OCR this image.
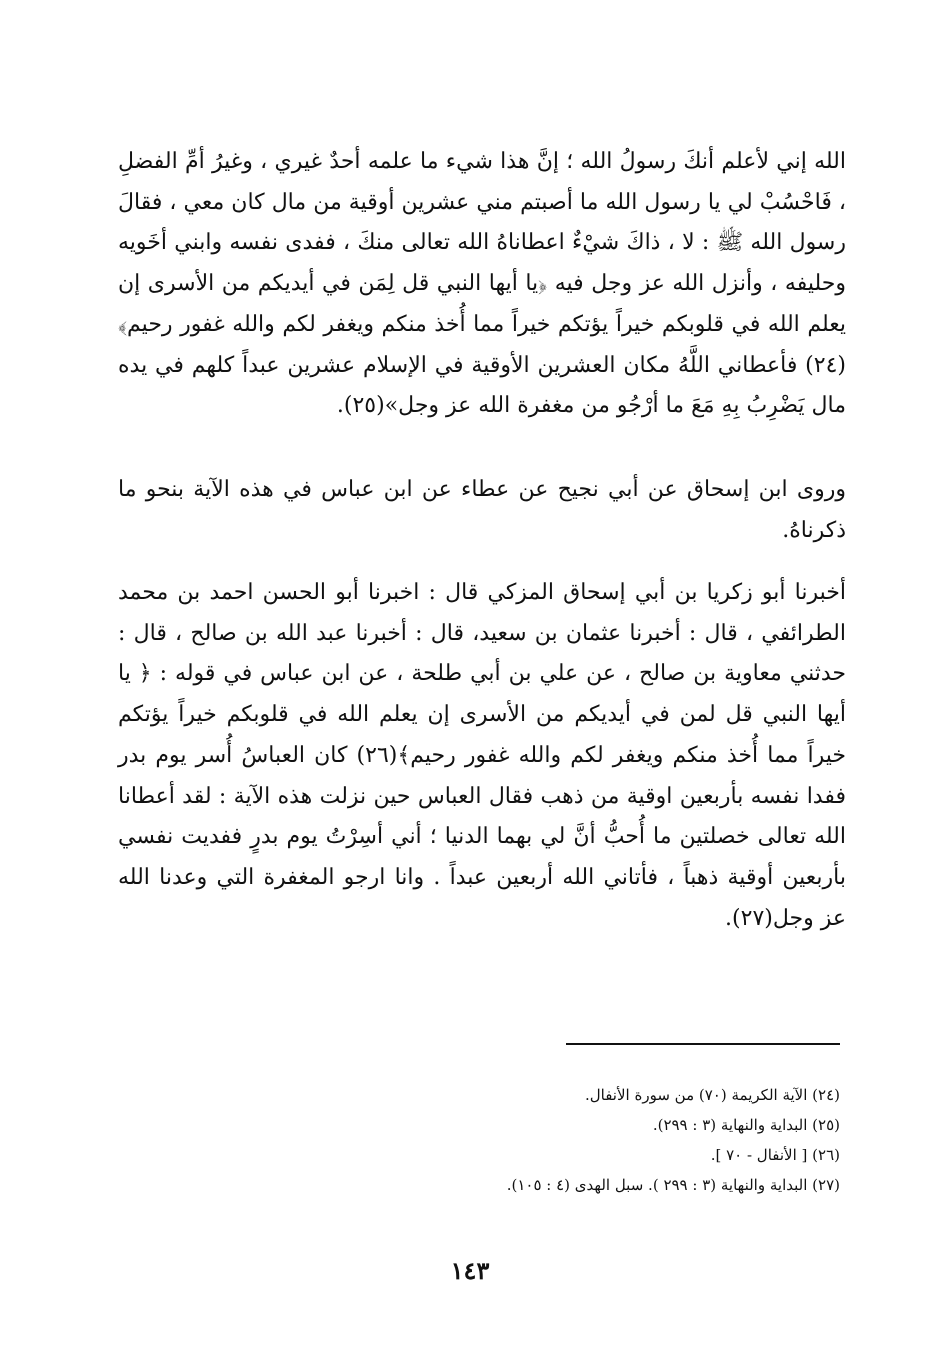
الله إني لأعلم أنكَ رسولُ الله ؛ إنَّ هذا شيء ما علمه أحدٌ غيري ، وغيرُ أمِّ الفضلِ ، فَاحْسُبْ لي يا رسول الله ما أصبتم مني عشرين أوقية من مال كان معي ، فقالَ رسول الله ﷺ : لا ، ذاكَ شيْءٌ اعطاناهُ الله تعالى منكَ ، ففدى نفسه وابني أخَويه وحليفه ، وأنزل الله عز وجل فيه ﴿يا أيها النبي قل لِمَن في أيديكم من الأسرى إن يعلم الله في قلوبكم خيراً يؤتكم خيراً مما أُخذ منكم ويغفر لكم والله غفور رحيم﴾(٢٤) فأعطاني اللَّهُ مكان العشرين الأوقية في الإسلام عشرين عبداً كلهم في يده مال يَضْرِبُ بِهِ مَعَ ما أرْجُو من مغفرة الله عز وجل»(٢٥).

وروى ابن إسحاق عن أبي نجيح عن عطاء عن ابن عباس في هذه الآية بنحو ما ذكرناهُ.

أخبرنا أبو زكريا بن أبي إسحاق المزكي قال : اخبرنا أبو الحسن احمد بن محمد الطرائفي ، قال : أخبرنا عثمان بن سعيد، قال : أخبرنا عبد الله بن صالح ، قال : حدثني معاوية بن صالح ، عن علي بن أبي طلحة ، عن ابن عباس في قوله : ﴿ يا أيها النبي قل لمن في أيديكم من الأسرى إن يعلم الله في قلوبكم خيراً يؤتكم خيراً مما أُخذ منكم ويغفر لكم والله غفور رحيم﴾(٢٦) كان العباسُ أُسر يوم بدر ففدا نفسه بأربعين اوقية من ذهب فقال العباس حين نزلت هذه الآية : لقد أعطانا الله تعالى خصلتين ما أُحبُّ أنَّ لي بهما الدنيا ؛ أني أسِرْتُ يوم بدرٍ ففديت نفسي بأربعين أوقية ذهباً ، فأتاني الله أربعين عبداً . وانا ارجو المغفرة التي وعدنا الله عز وجل(٢٧).

(٢٤) الآية الكريمة (٧٠) من سورة الأنفال.
(٢٥) البداية والنهاية (٣ : ٢٩٩).
(٢٦) [ الأنفال - ٧٠ ].
(٢٧) البداية والنهاية (٣ : ٢٩٩ ). سبل الهدى (٤ : ١٠٥).
١٤٣
